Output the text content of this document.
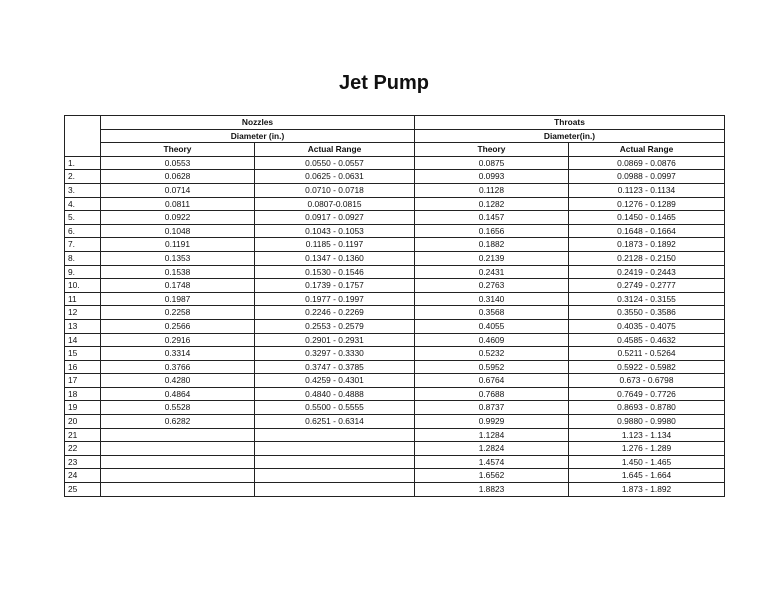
Jet Pump
	Nozzles		Throats	
	Diameter (in.)		Diameter(in.)	
	Theory	Actual Range	Theory	Actual Range
1.	0.0553	0.0550 - 0.0557	0.0875	0.0869 - 0.0876
2.	0.0628	0.0625 - 0.0631	0.0993	0.0988 - 0.0997
3.	0.0714	0.0710 - 0.0718	0.1128	0.1123 - 0.1134
4.	0.0811	0.0807-0.0815	0.1282	0.1276 - 0.1289
5.	0.0922	0.0917 - 0.0927	0.1457	0.1450 - 0.1465
6.	0.1048	0.1043 - 0.1053	0.1656	0.1648 - 0.1664
7.	0.1191	0.1185 - 0.1197	0.1882	0.1873 - 0.1892
8.	0.1353	0.1347 - 0.1360	0.2139	0.2128 - 0.2150
9.	0.1538	0.1530 - 0.1546	0.2431	0.2419 - 0.2443
10.	0.1748	0.1739 - 0.1757	0.2763	0.2749 - 0.2777
11	0.1987	0.1977 - 0.1997	0.3140	0.3124 - 0.3155
12	0.2258	0.2246 - 0.2269	0.3568	0.3550 - 0.3586
13	0.2566	0.2553 - 0.2579	0.4055	0.4035 - 0.4075
14	0.2916	0.2901 - 0.2931	0.4609	0.4585 - 0.4632
15	0.3314	0.3297 - 0.3330	0.5232	0.5211 - 0.5264
16	0.3766	0.3747 - 0.3785	0.5952	0.5922 - 0.5982
17	0.4280	0.4259 - 0.4301	0.6764	0.673 - 0.6798
18	0.4864	0.4840 - 0.4888	0.7688	0.7649 - 0.7726
19	0.5528	0.5500 - 0.5555	0.8737	0.8693 - 0.8780
20	0.6282	0.6251 - 0.6314	0.9929	0.9880 - 0.9980
21			1.1284	1.123 - 1.134
22			1.2824	1.276 - 1.289
23			1.4574	1.450 - 1.465
24			1.6562	1.645 - 1.664
25			1.8823	1.873 - 1.892
